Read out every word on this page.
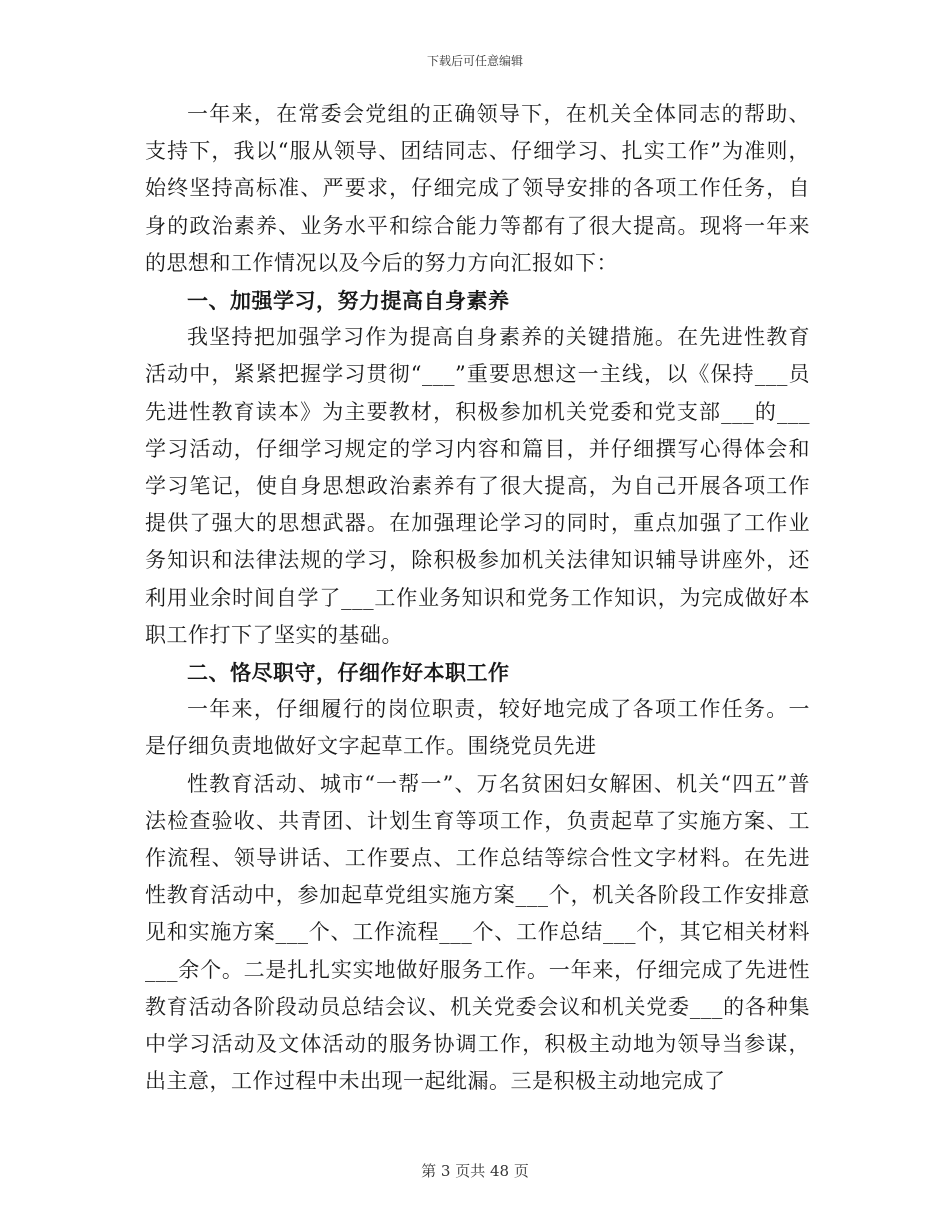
下载后可任意编辑

一年来，在常委会党组的正确领导下，在机关全体同志的帮助、支持下，我以“服从领导、团结同志、仔细学习、扎实工作”为准则，始终坚持高标准、严要求，仔细完成了领导安排的各项工作任务，自身的政治素养、业务水平和综合能力等都有了很大提高。现将一年来的思想和工作情况以及今后的努力方向汇报如下：

一、加强学习，努力提高自身素养

我坚持把加强学习作为提高自身素养的关键措施。在先进性教育活动中，紧紧把握学习贯彻“___”重要思想这一主线，以《保持___员先进性教育读本》为主要教材，积极参加机关党委和党支部___的___学习活动，仔细学习规定的学习内容和篇目，并仔细撰写心得体会和学习笔记，使自身思想政治素养有了很大提高，为自己开展各项工作提供了强大的思想武器。在加强理论学习的同时，重点加强了工作业务知识和法律法规的学习，除积极参加机关法律知识辅导讲座外，还利用业余时间自学了___工作业务知识和党务工作知识，为完成做好本职工作打下了坚实的基础。

二、恪尽职守，仔细作好本职工作

一年来，仔细履行的岗位职责，较好地完成了各项工作任务。一是仔细负责地做好文字起草工作。围绕党员先进

性教育活动、城市“一帮一”、万名贫困妇女解困、机关“四五”普法检查验收、共青团、计划生育等项工作，负责起草了实施方案、工作流程、领导讲话、工作要点、工作总结等综合性文字材料。在先进性教育活动中，参加起草党组实施方案___个，机关各阶段工作安排意见和实施方案___个、工作流程___个、工作总结___个，其它相关材料___余个。二是扎扎实实地做好服务工作。一年来，仔细完成了先进性教育活动各阶段动员总结会议、机关党委会议和机关党委___的各种集中学习活动及文体活动的服务协调工作，积极主动地为领导当参谋，出主意，工作过程中未出现一起纰漏。三是积极主动地完成了

第 3 页共 48 页
